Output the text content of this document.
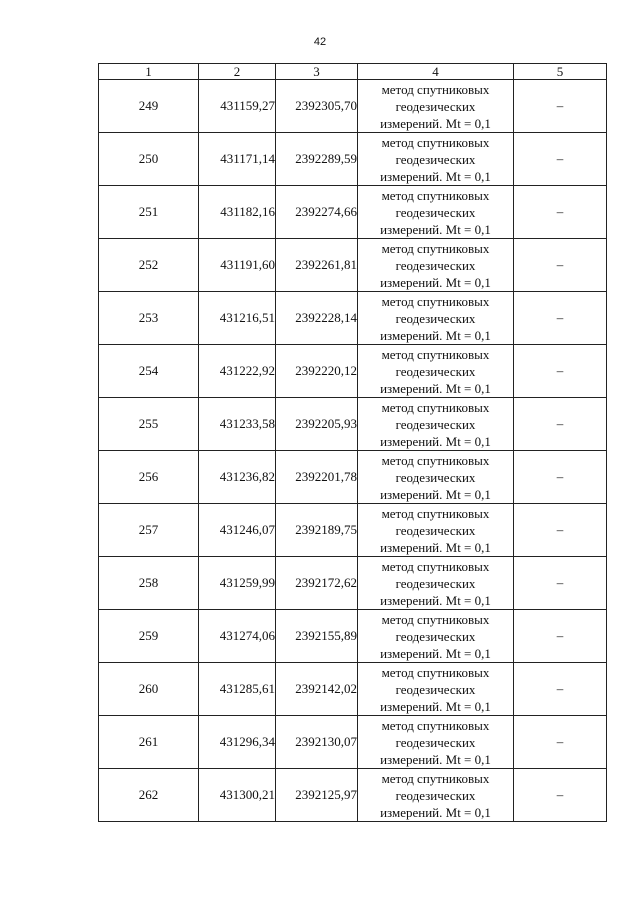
42
1	2	3	4	5
249	431159,27	2392305,70	метод спутниковых
геодезических
измерений. Mt = 0,1	–
250	431171,14	2392289,59	метод спутниковых
геодезических
измерений. Mt = 0,1	–
251	431182,16	2392274,66	метод спутниковых
геодезических
измерений. Mt = 0,1	–
252	431191,60	2392261,81	метод спутниковых
геодезических
измерений. Mt = 0,1	–
253	431216,51	2392228,14	метод спутниковых
геодезических
измерений. Mt = 0,1	–
254	431222,92	2392220,12	метод спутниковых
геодезических
измерений. Mt = 0,1	–
255	431233,58	2392205,93	метод спутниковых
геодезических
измерений. Mt = 0,1	–
256	431236,82	2392201,78	метод спутниковых
геодезических
измерений. Mt = 0,1	–
257	431246,07	2392189,75	метод спутниковых
геодезических
измерений. Mt = 0,1	–
258	431259,99	2392172,62	метод спутниковых
геодезических
измерений. Mt = 0,1	–
259	431274,06	2392155,89	метод спутниковых
геодезических
измерений. Mt = 0,1	–
260	431285,61	2392142,02	метод спутниковых
геодезических
измерений. Mt = 0,1	–
261	431296,34	2392130,07	метод спутниковых
геодезических
измерений. Mt = 0,1	–
262	431300,21	2392125,97	метод спутниковых
геодезических
измерений. Mt = 0,1	–
